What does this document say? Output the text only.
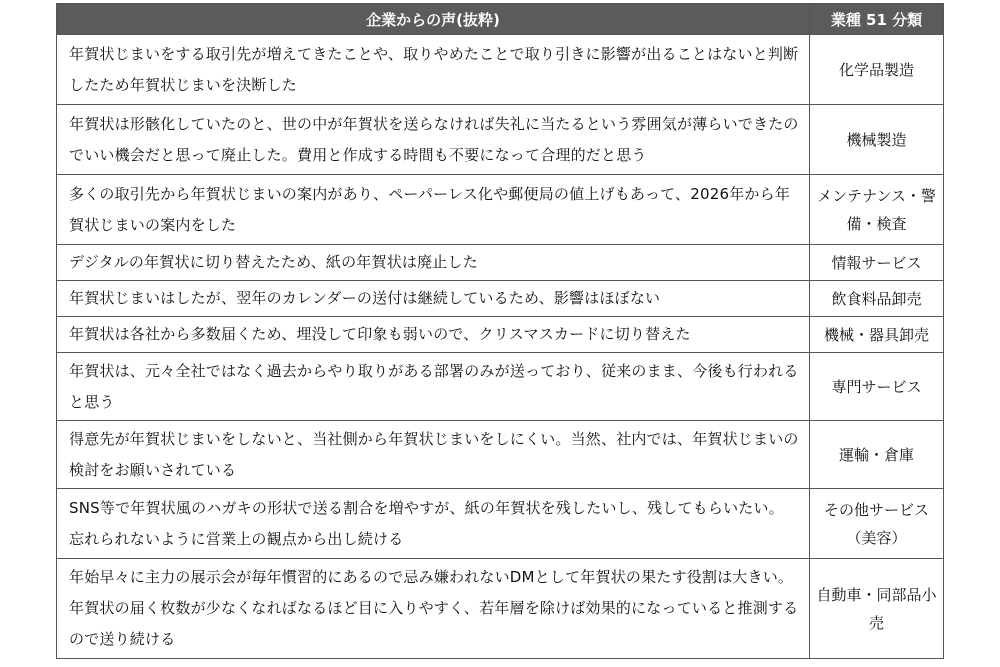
企業からの声(抜粋)	業種 51 分類
年賀状じまいをする取引先が増えてきたことや、取りやめたことで取り引きに影響が出ることはないと判断したため年賀状じまいを決断した	化学品製造
年賀状は形骸化していたのと、世の中が年賀状を送らなければ失礼に当たるという雰囲気が薄らいできたのでいい機会だと思って廃止した。費用と作成する時間も不要になって合理的だと思う	機械製造
多くの取引先から年賀状じまいの案内があり、ペーパーレス化や郵便局の値上げもあって、2026年から年賀状じまいの案内をした	メンテナンス・警備・検査
デジタルの年賀状に切り替えたため、紙の年賀状は廃止した	情報サービス
年賀状じまいはしたが、翌年のカレンダーの送付は継続しているため、影響はほぼない	飲食料品卸売
年賀状は各社から多数届くため、埋没して印象も弱いので、クリスマスカードに切り替えた	機械・器具卸売
年賀状は、元々全社ではなく過去からやり取りがある部署のみが送っており、従来のまま、今後も行われると思う	専門サービス
得意先が年賀状じまいをしないと、当社側から年賀状じまいをしにくい。当然、社内では、年賀状じまいの検討をお願いされている	運輸・倉庫
SNS等で年賀状風のハガキの形状で送る割合を増やすが、紙の年賀状を残したいし、残してもらいたい。忘れられないように営業上の観点から出し続ける	その他サービス（美容）
年始早々に主力の展示会が毎年慣習的にあるので忌み嫌われないDMとして年賀状の果たす役割は大きい。年賀状の届く枚数が少なくなればなるほど目に入りやすく、若年層を除けば効果的になっていると推測するので送り続ける	自動車・同部品小売
